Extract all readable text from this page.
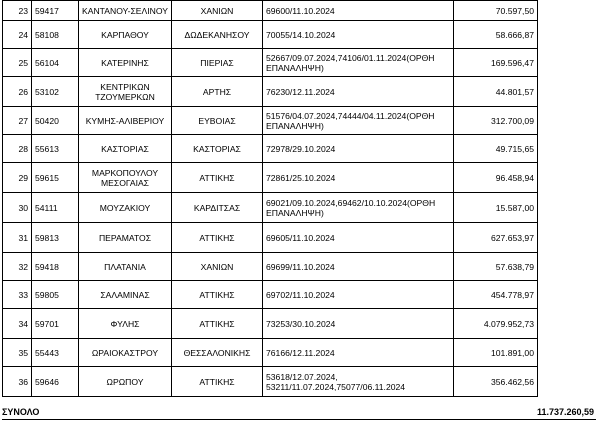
23	59417	ΚΑΝΤΑΝΟΥ-ΣΕΛΙΝΟΥ	ΧΑΝΙΩΝ	69600/11.10.2024	70.597,50
24	58108	ΚΑΡΠΑΘΟΥ	ΔΩΔΕΚΑΝΗΣΟΥ	70055/14.10.2024	58.666,87
25	56104	ΚΑΤΕΡΙΝΗΣ	ΠΙΕΡΙΑΣ	52667/09.07.2024,74106/01.11.2024(ΟΡΘΗ ΕΠΑΝΑΛΗΨΗ)	169.596,47
26	53102	ΚΕΝΤΡΙΚΩΝ ΤΖΟΥΜΕΡΚΩΝ	ΑΡΤΗΣ	76230/12.11.2024	44.801,57
27	50420	ΚΥΜΗΣ-ΑΛΙΒΕΡΙΟΥ	ΕΥΒΟΙΑΣ	51576/04.07.2024,74444/04.11.2024(ΟΡΘΗ ΕΠΑΝΑΛΗΨΗ)	312.700,09
28	55613	ΚΑΣΤΟΡΙΑΣ	ΚΑΣΤΟΡΙΑΣ	72978/29.10.2024	49.715,65
29	59615	ΜΑΡΚΟΠΟΥΛΟΥ ΜΕΣΟΓΑΙΑΣ	ΑΤΤΙΚΗΣ	72861/25.10.2024	96.458,94
30	54111	ΜΟΥΖΑΚΙΟΥ	ΚΑΡΔΙΤΣΑΣ	69021/09.10.2024,69462/10.10.2024(ΟΡΘΗ ΕΠΑΝΑΛΗΨΗ)	15.587,00
31	59813	ΠΕΡΑΜΑΤΟΣ	ΑΤΤΙΚΗΣ	69605/11.10.2024	627.653,97
32	59418	ΠΛΑΤΑΝΙΑ	ΧΑΝΙΩΝ	69699/11.10.2024	57.638,79
33	59805	ΣΑΛΑΜΙΝΑΣ	ΑΤΤΙΚΗΣ	69702/11.10.2024	454.778,97
34	59701	ΦΥΛΗΣ	ΑΤΤΙΚΗΣ	73253/30.10.2024	4.079.952,73
35	55443	ΩΡΑΙΟΚΑΣΤΡΟΥ	ΘΕΣΣΑΛΟΝΙΚΗΣ	76166/12.11.2024	101.891,00
36	59646	ΩΡΩΠΟΥ	ΑΤΤΙΚΗΣ	53618/12.07.2024, 53211/11.07.2024,75077/06.11.2024	356.462,56
ΣΥΝΟΛΟ	11.737.260,59
